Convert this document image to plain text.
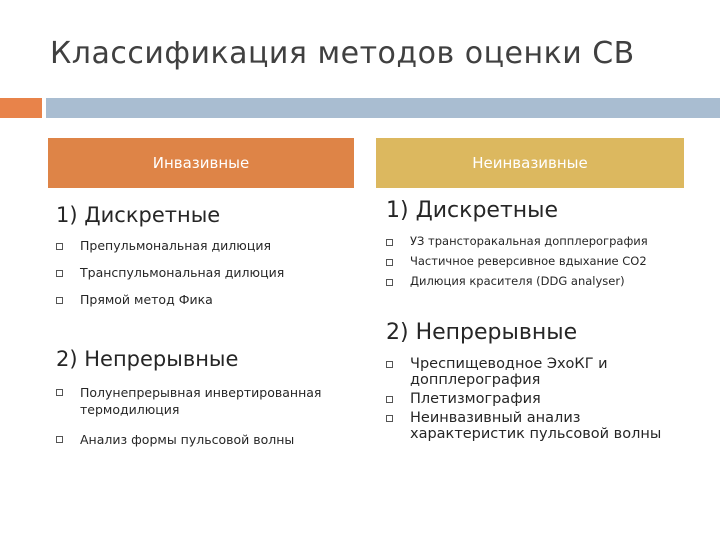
Классификация методов оценки СВ
Инвазивные
1) Дискретные
Препульмональная дилюция
Транспульмональная дилюция
Прямой метод Фика
2) Непрерывные
Полунепрерывная инвертированная термодилюция
Анализ формы пульсовой волны
Неинвазивные
1) Дискретные
УЗ трансторакальная допплерография
Частичное реверсивное вдыхание CO2
Дилюция красителя (DDG analyser)
2) Непрерывные
Чреспищеводное ЭхоКГ и допплерография
Плетизмография
Неинвазивный анализ характеристик пульсовой волны
